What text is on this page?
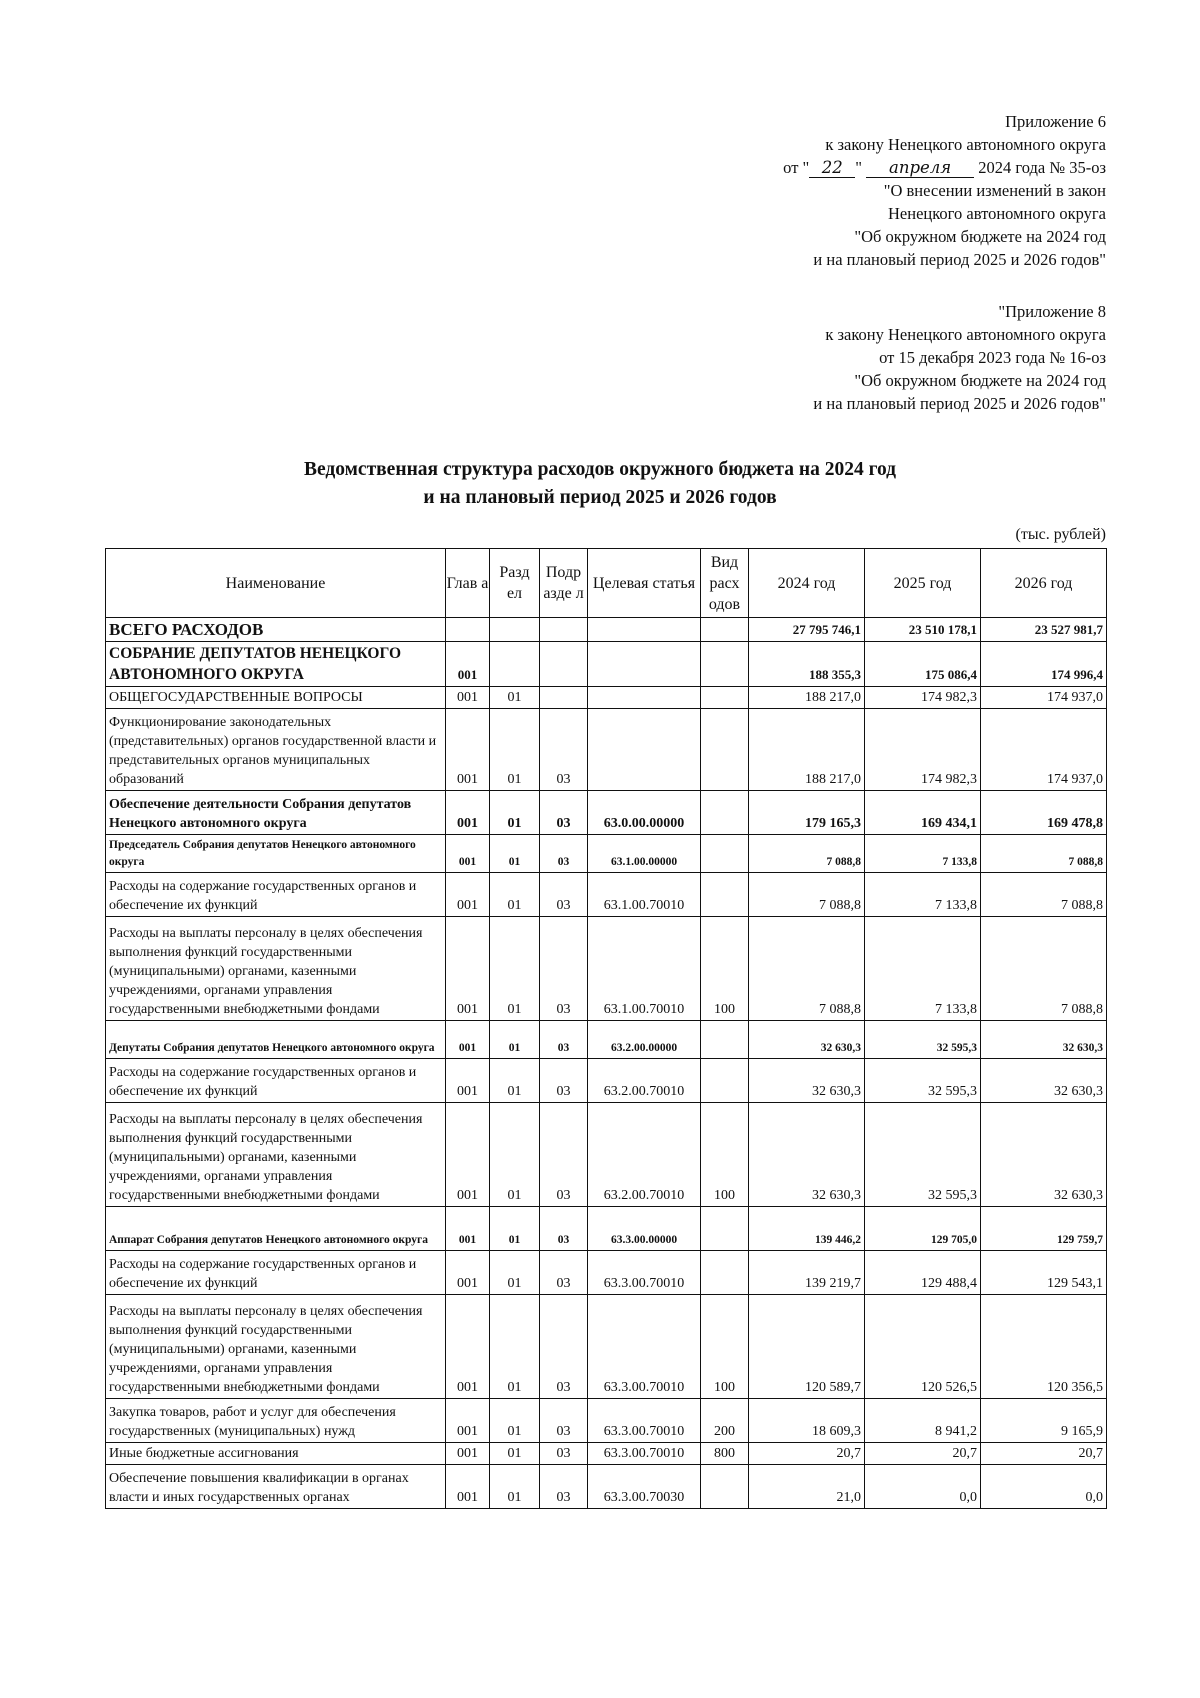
Приложение 6
к закону Ненецкого автономного округа
от " 22 " апреля 2024 года № 35-оз
"О внесении изменений в закон
Ненецкого автономного округа
"Об окружном бюджете на 2024 год
и на плановый период 2025 и 2026 годов"
"Приложение 8
к закону Ненецкого автономного округа
от 15 декабря 2023 года № 16-оз
"Об окружном бюджете на 2024 год
и на плановый период 2025 и 2026 годов"
Ведомственная структура расходов окружного бюджета на 2024 год
и на плановый период 2025 и 2026 годов
(тыс. рублей)
Наименование	Глав а	Разд ел	Подр азде л	Целевая статья	Вид расх одов	2024 год	2025 год	2026 год
ВСЕГО РАСХОДОВ						27 795 746,1	23 510 178,1	23 527 981,7
СОБРАНИЕ ДЕПУТАТОВ НЕНЕЦКОГО АВТОНОМНОГО ОКРУГА	001					188 355,3	175 086,4	174 996,4
ОБЩЕГОСУДАРСТВЕННЫЕ ВОПРОСЫ	001	01				188 217,0	174 982,3	174 937,0
Функционирование законодательных (представительных) органов государственной власти и представительных органов муниципальных образований	001	01	03			188 217,0	174 982,3	174 937,0
Обеспечение деятельности Собрания депутатов Ненецкого автономного округа	001	01	03	63.0.00.00000		179 165,3	169 434,1	169 478,8
Председатель Собрания депутатов Ненецкого автономного округа	001	01	03	63.1.00.00000		7 088,8	7 133,8	7 088,8
Расходы на содержание государственных органов и обеспечение их функций	001	01	03	63.1.00.70010		7 088,8	7 133,8	7 088,8
Расходы на выплаты персоналу в целях обеспечения выполнения функций государственными (муниципальными) органами, казенными учреждениями, органами управления государственными внебюджетными фондами	001	01	03	63.1.00.70010	100	7 088,8	7 133,8	7 088,8
Депутаты Собрания депутатов Ненецкого автономного округа	001	01	03	63.2.00.00000		32 630,3	32 595,3	32 630,3
Расходы на содержание государственных органов и обеспечение их функций	001	01	03	63.2.00.70010		32 630,3	32 595,3	32 630,3
Расходы на выплаты персоналу в целях обеспечения выполнения функций государственными (муниципальными) органами, казенными учреждениями, органами управления государственными внебюджетными фондами	001	01	03	63.2.00.70010	100	32 630,3	32 595,3	32 630,3
Аппарат Собрания депутатов Ненецкого автономного округа	001	01	03	63.3.00.00000		139 446,2	129 705,0	129 759,7
Расходы на содержание государственных органов и обеспечение их функций	001	01	03	63.3.00.70010		139 219,7	129 488,4	129 543,1
Расходы на выплаты персоналу в целях обеспечения выполнения функций государственными (муниципальными) органами, казенными учреждениями, органами управления государственными внебюджетными фондами	001	01	03	63.3.00.70010	100	120 589,7	120 526,5	120 356,5
Закупка товаров, работ и услуг для обеспечения государственных (муниципальных) нужд	001	01	03	63.3.00.70010	200	18 609,3	8 941,2	9 165,9
Иные бюджетные ассигнования	001	01	03	63.3.00.70010	800	20,7	20,7	20,7
Обеспечение повышения квалификации в органах власти и иных государственных органах	001	01	03	63.3.00.70030		21,0	0,0	0,0
